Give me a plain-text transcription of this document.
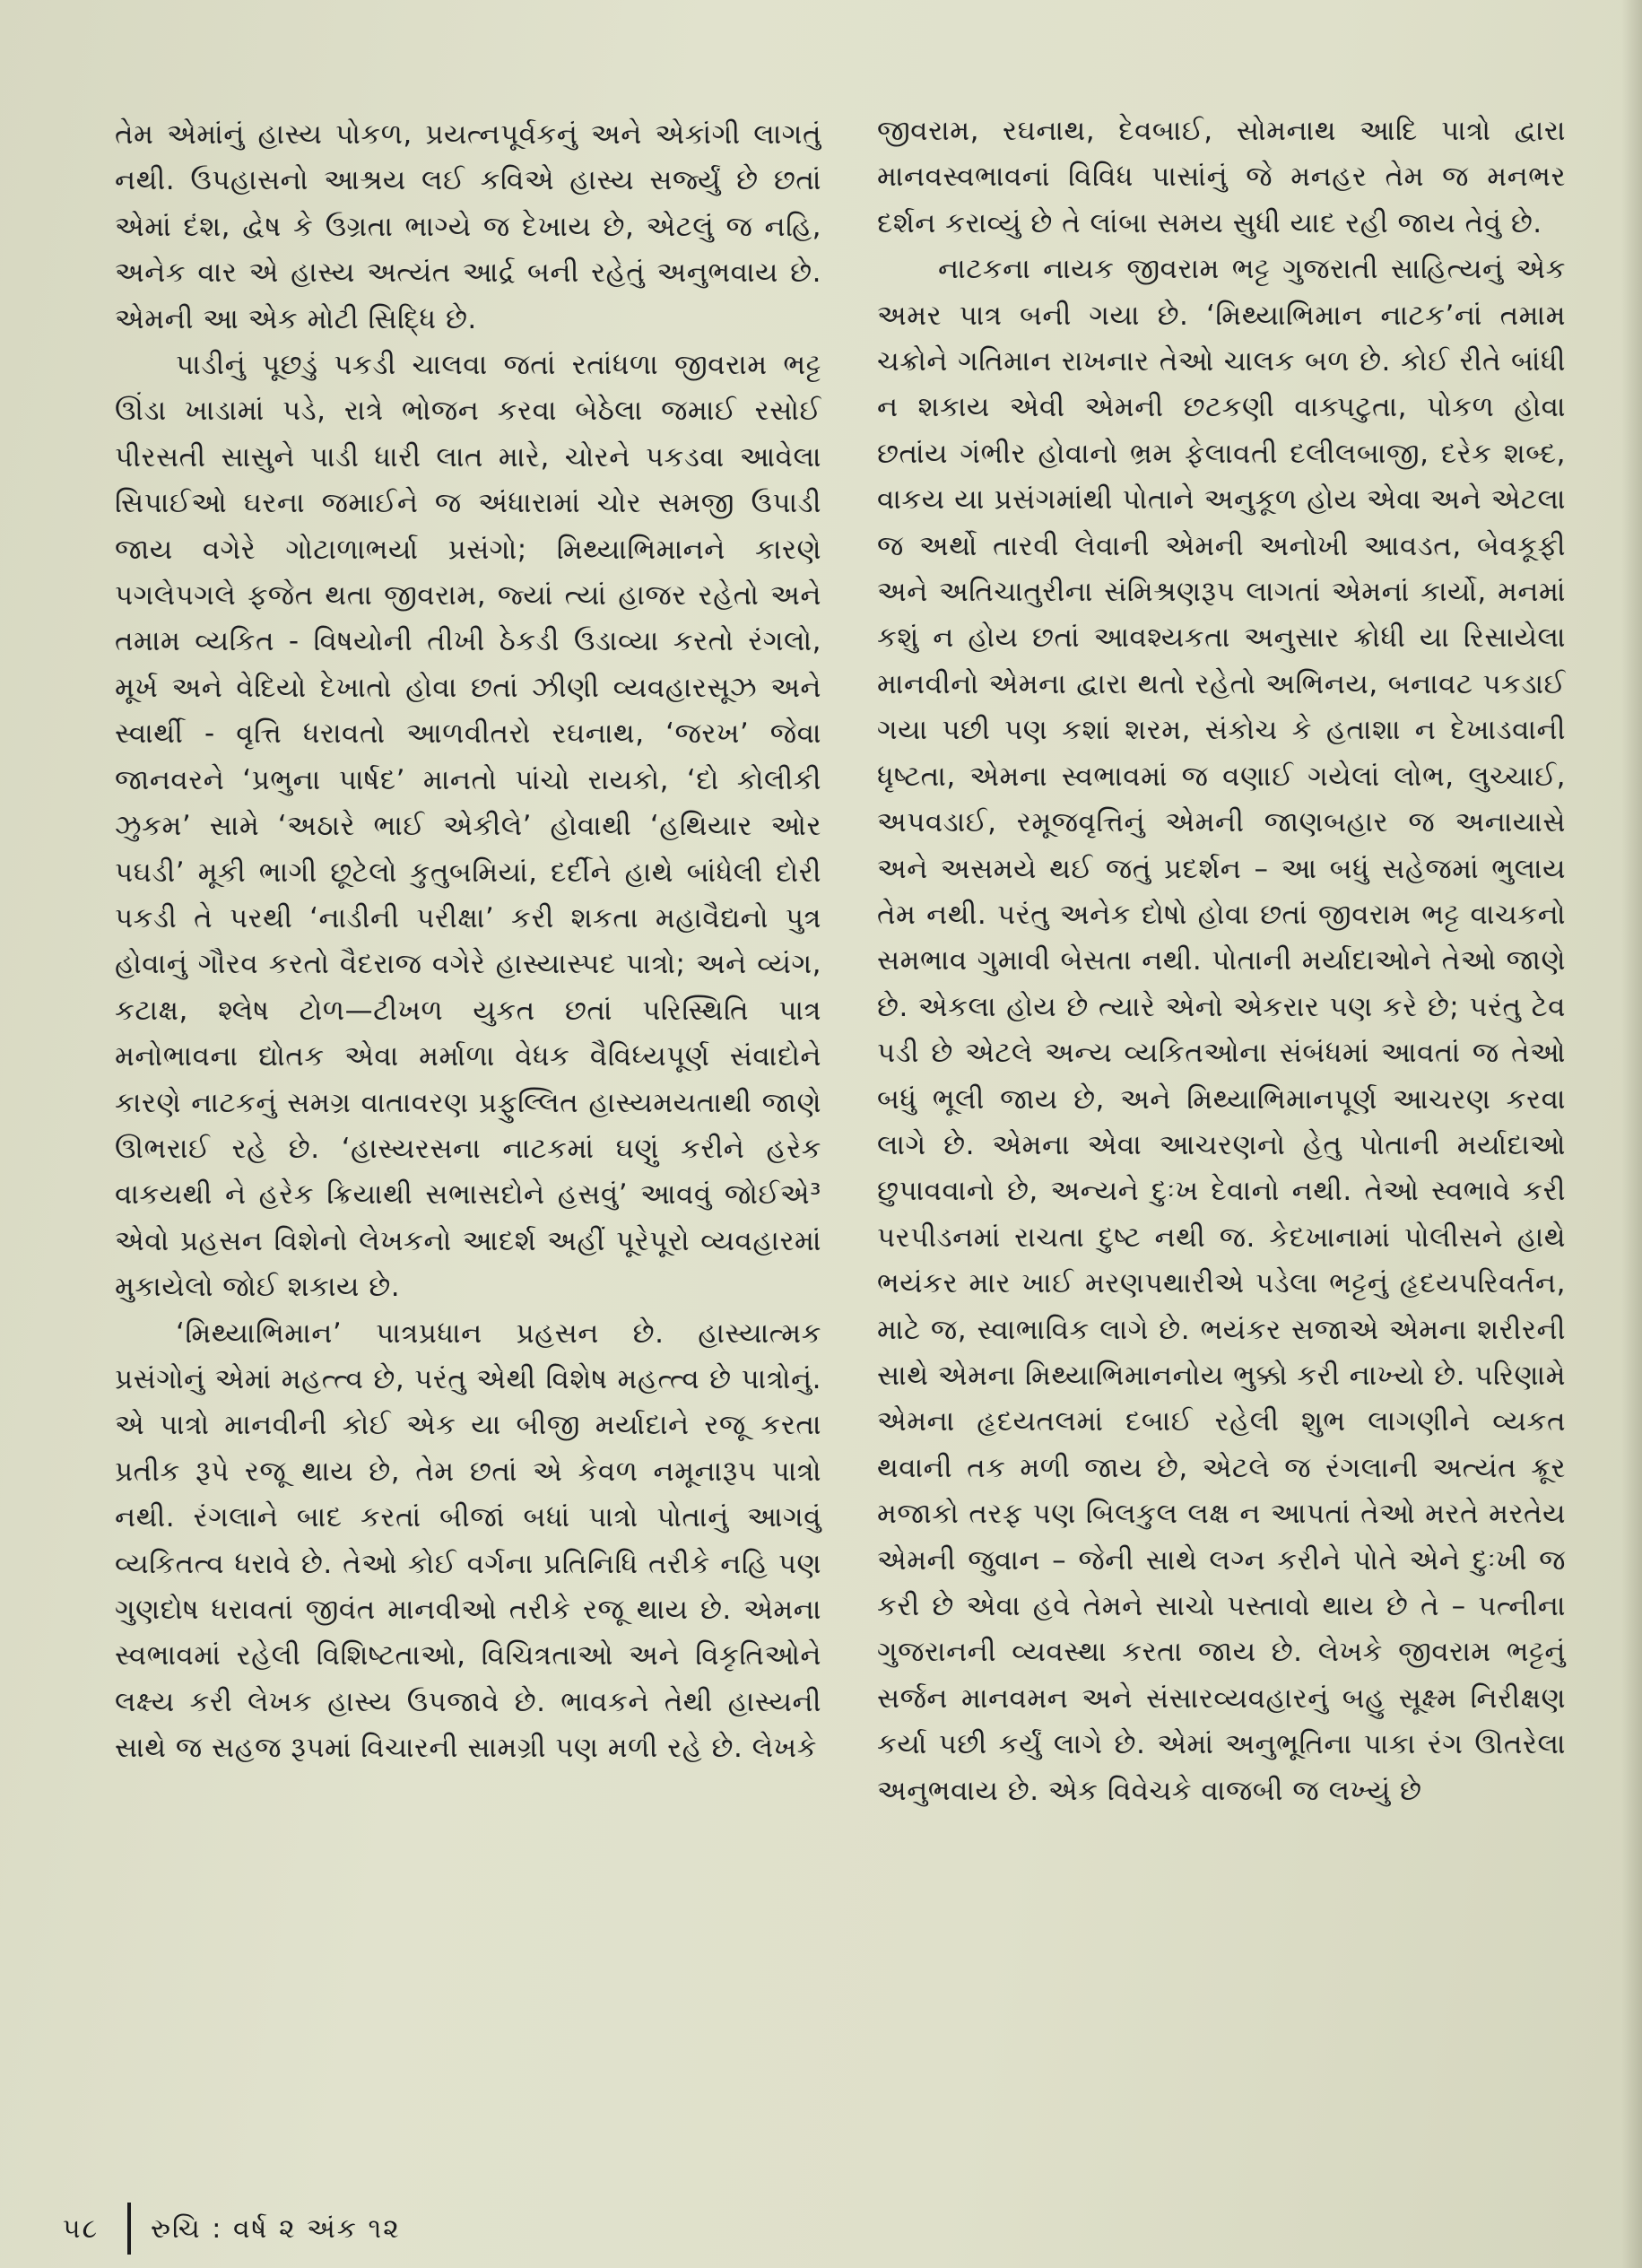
તેમ એમાંનું હાસ્ય પોકળ, પ્રયત્નપૂર્વકનું અને એકાંગી લાગતું નથી. ઉપહાસનો આશ્રય લઈ કવિએ હાસ્ય સર્જ્યું છે છતાં એમાં દંશ, દ્વેષ કે ઉગ્રતા ભાગ્યે જ દેખાય છે, એટલું જ નહિ, અનેક વાર એ હાસ્ય અત્યંત આર્દ્ર બની રહેતું અનુભવાય છે. એમની આ એક મોટી સિદ્ધિ છે.

પાડીનું પૂછડું પકડી ચાલવા જતાં રતાંધળા જીવરામ ભટ્ટ ઊંડા ખાડામાં પડે, રાત્રે ભોજન કરવા બેઠેલા જમાઈ રસોઈ પીરસતી સાસુને પાડી ધારી લાત મારે, ચોરને પકડવા આવેલા સિપાઈઓ ઘરના જમાઈને જ અંધારામાં ચોર સમજી ઉપાડી જાય વગેરે ગોટાળાભર્યા પ્રસંગો; મિથ્યાભિમાનને કારણે પગલેપગલે ફજેત થતા જીવરામ, જ્યાં ત્યાં હાજર રહેતો અને તમામ વ્યકિત - વિષયોની તીખી ઠેકડી ઉડાવ્યા કરતો રંગલો, મૂર્ખ અને વેદિયો દેખાતો હોવા છતાં ઝીણી વ્યવહારસૂઝ અને સ્વાર્થી - વૃત્તિ ધરાવતો આળવીતરો રઘનાથ, ‘જરખ’ જેવા જાનવરને ‘પ્રભુના પાર્ષદ’ માનતો પાંચો રાયકો, ‘દો કોલીકી ઝુકમ’ સામે ‘અઠારે ભાઈ એકીલે’ હોવાથી ‘હથિયાર ઓર પઘડી’ મૂકી ભાગી છૂટેલો કુતુબમિયાં, દર્દીને હાથે બાંધેલી દોરી પકડી તે પરથી ‘નાડીની પરીક્ષા’ કરી શકતા મહાવૈદ્યનો પુત્ર હોવાનું ગૌરવ કરતો વૈદરાજ વગેરે હાસ્યાસ્પદ પાત્રો; અને વ્યંગ, કટાક્ષ, શ્લેષ ટોળ—ટીખળ યુકત છતાં પરિસ્થિતિ પાત્ર મનોભાવના દ્યોતક એવા મર્માળા વેધક વૈવિધ્યપૂર્ણ સંવાદોને કારણે નાટકનું સમગ્ર વાતાવરણ પ્રફુલ્લિત હાસ્યમયતાથી જાણે ઊભરાઈ રહે છે. ‘હાસ્યરસના નાટકમાં ઘણું કરીને હરેક વાકયથી ને હરેક ક્રિયાથી સભાસદોને હસવું’ આવવું જોઈએ³ એવો પ્રહસન વિશેનો લેખકનો આદર્શ અહીં પૂરેપૂરો વ્યવહારમાં મુકાયેલો જોઈ શકાય છે.

‘મિથ્યાભિમાન’ પાત્રપ્રધાન પ્રહસન છે. હાસ્યાત્મક પ્રસંગોનું એમાં મહત્ત્વ છે, પરંતુ એથી વિશેષ મહત્ત્વ છે પાત્રોનું. એ પાત્રો માનવીની કોઈ એક યા બીજી મર્યાદાને રજૂ કરતા પ્રતીક રૂપે રજૂ થાય છે, તેમ છતાં એ કેવળ નમૂનારૂપ પાત્રો નથી. રંગલાને બાદ કરતાં બીજાં બધાં પાત્રો પોતાનું આગવું વ્યકિતત્વ ધરાવે છે. તેઓ કોઈ વર્ગના પ્રતિનિધિ તરીકે નહિ પણ ગુણદોષ ધરાવતાં જીવંત માનવીઓ તરીકે રજૂ થાય છે. એમના સ્વભાવમાં રહેલી વિશિષ્ટતાઓ, વિચિત્રતાઓ અને વિકૃતિઓને લક્ષ્ય કરી લેખક હાસ્ય ઉપજાવે છે. ભાવકને તેથી હાસ્યની સાથે જ સહજ રૂપમાં વિચારની સામગ્રી પણ મળી રહે છે. લેખકે

જીવરામ, રઘનાથ, દેવબાઈ, સોમનાથ આદિ પાત્રો દ્વારા માનવસ્વભાવનાં વિવિધ પાસાંનું જે મનહર તેમ જ મનભર દર્શન કરાવ્યું છે તે લાંબા સમય સુધી યાદ રહી જાય તેવું છે.

નાટકના નાયક જીવરામ ભટ્ટ ગુજરાતી સાહિત્યનું એક અમર પાત્ર બની ગયા છે. ‘મિથ્યાભિમાન નાટક’નાં તમામ ચક્રોને ગતિમાન રાખનાર તેઓ ચાલક બળ છે. કોઈ રીતે બાંધી ન શકાય એવી એમની છટકણી વાક્પટુતા, પોકળ હોવા છતાંય ગંભીર હોવાનો ભ્રમ ફેલાવતી દલીલબાજી, દરેક શબ્દ, વાકય યા પ્રસંગમાંથી પોતાને અનુકૂળ હોય એવા અને એટલા જ અર્થો તારવી લેવાની એમની અનોખી આવડત, બેવકૂફી અને અતિચાતુરીના સંમિશ્રણરૂપ લાગતાં એમનાં કાર્યો, મનમાં કશું ન હોય છતાં આવશ્યકતા અનુસાર ક્રોધી યા રિસાયેલા માનવીનો એમના દ્વારા થતો રહેતો અભિનય, બનાવટ પકડાઈ ગયા પછી પણ કશાં શરમ, સંકોચ કે હતાશા ન દેખાડવાની ધૃષ્ટતા, એમના સ્વભાવમાં જ વણાઈ ગયેલાં લોભ, લુચ્ચાઈ, અપવડાઈ, રમૂજવૃત્તિનું એમની જાણબહાર જ અનાયાસે અને અસમયે થઈ જતું પ્રદર્શન – આ બધું સહેજમાં ભુલાય તેમ નથી. પરંતુ અનેક દોષો હોવા છતાં જીવરામ ભટ્ટ વાચકનો સમભાવ ગુમાવી બેસતા નથી. પોતાની મર્યાદાઓને તેઓ જાણે છે. એકલા હોય છે ત્યારે એનો એકરાર પણ કરે છે; પરંતુ ટેવ પડી છે એટલે અન્ય વ્યકિતઓના સંબંધમાં આવતાં જ તેઓ બધું ભૂલી જાય છે, અને મિથ્યાભિમાનપૂર્ણ આચરણ કરવા લાગે છે. એમના એવા આચરણનો હેતુ પોતાની મર્યાદાઓ છુપાવવાનો છે, અન્યને દુઃખ દેવાનો નથી. તેઓ સ્વભાવે કરી પરપીડનમાં રાચતા દુષ્ટ નથી જ. કેદખાનામાં પોલીસને હાથે ભયંકર માર ખાઈ મરણપથારીએ પડેલા ભટ્ટનું હૃદયપરિવર્તન, માટે જ, સ્વાભાવિક લાગે છે. ભયંકર સજાએ એમના શરીરની સાથે એમના મિથ્યાભિમાનનોય ભુક્કો કરી નાખ્યો છે. પરિણામે એમના હૃદયતલમાં દબાઈ રહેલી શુભ લાગણીને વ્યકત થવાની તક મળી જાય છે, એટલે જ રંગલાની અત્યંત ક્રૂર મજાકો તરફ પણ બિલકુલ લક્ષ ન આપતાં તેઓ મરતે મરતેય એમની જુવાન – જેની સાથે લગ્ન કરીને પોતે એને દુઃખી જ કરી છે એવા હવે તેમને સાચો પસ્તાવો થાય છે તે – પત્નીના ગુજરાનની વ્યવસ્થા કરતા જાય છે. લેખકે જીવરામ ભટ્ટનું સર્જન માનવમન અને સંસારવ્યવહારનું બહુ સૂક્ષ્મ નિરીક્ષણ કર્યા પછી કર્યું લાગે છે. એમાં અનુભૂતિના પાકા રંગ ઊતરેલા અનુભવાય છે. એક વિવેચકે વાજબી જ લખ્યું છે

૫૮	રુચિ : વર્ષ ૨ અંક ૧૨
